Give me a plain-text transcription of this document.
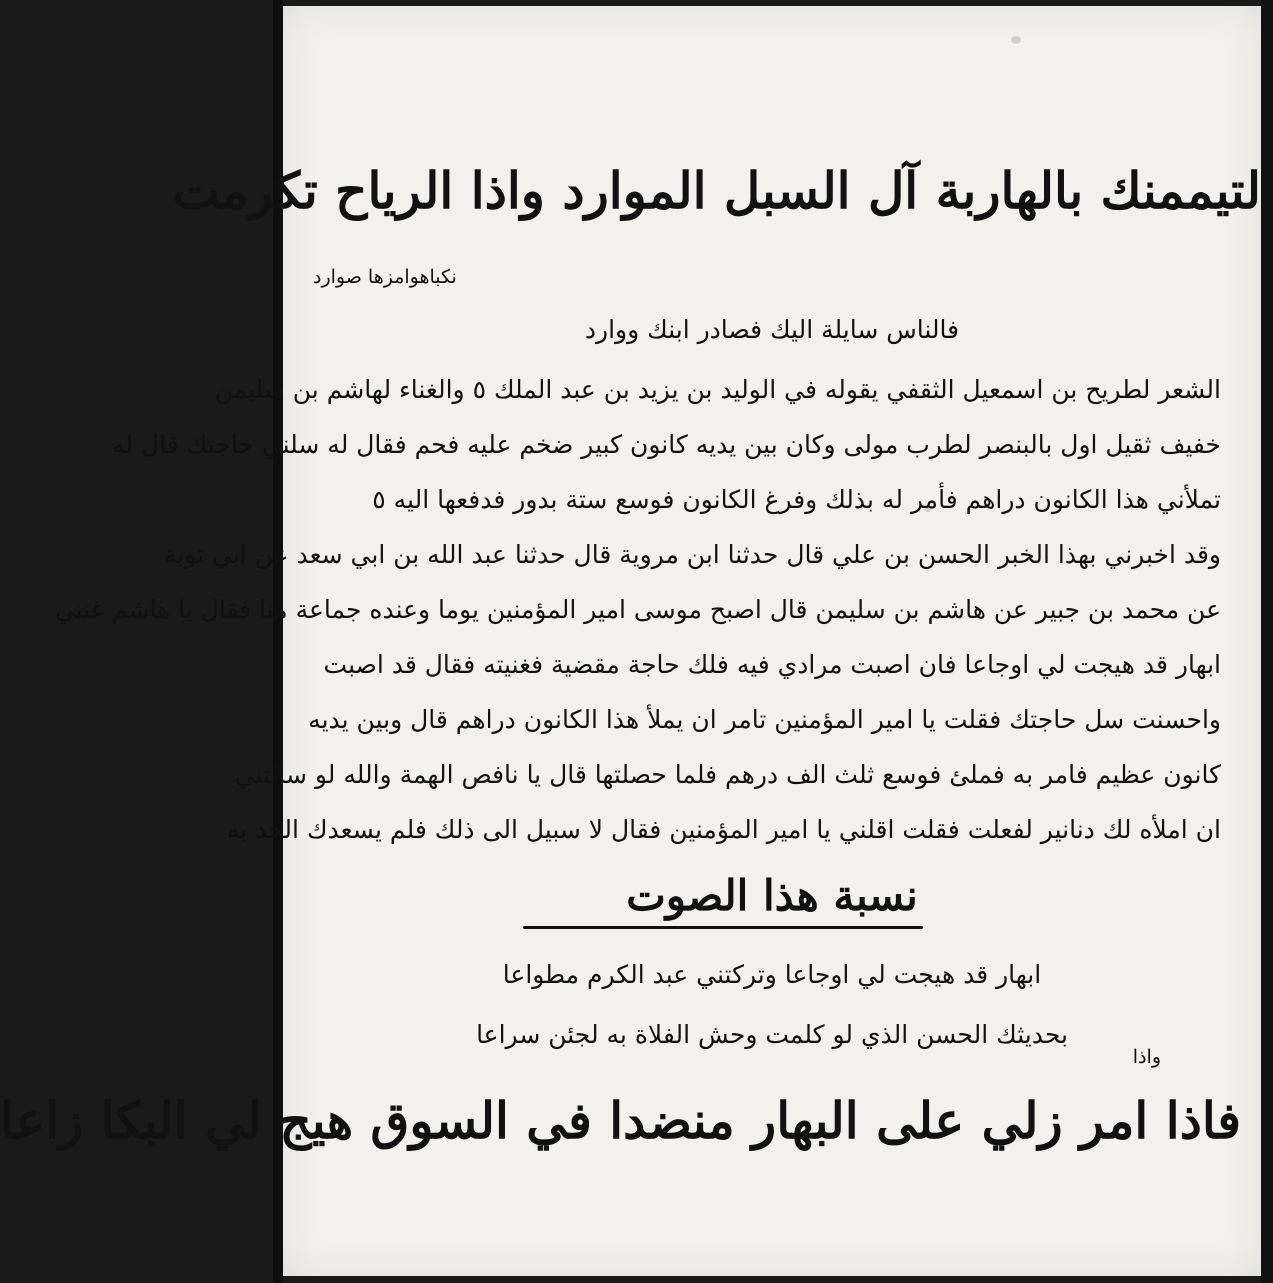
لتيممنك بالهاربة آل السبل الموارد واذا الرياح تكرمت
نكباهوامزها صوارد
فالناس سايلة اليك فصادر ابنك ووارد
الشعر لطريح بن اسمعيل الثقفي يقوله في الوليد بن يزيد بن عبد الملك ٥ والغناء لهاشم بن سليمن
خفيف ثقيل اول بالبنصر لطرب مولى وكان بين يديه كانون كبير ضخم عليه فحم فقال له سلني حاجتك قال له
تملأني هذا الكانون دراهم فأمر له بذلك وفرغ الكانون فوسع ستة بدور فدفعها اليه ٥
وقد اخبرني بهذا الخبر الحسن بن علي قال حدثنا ابن مروية قال حدثنا عبد الله بن ابي سعد عن ابي توبة
عن محمد بن جبير عن هاشم بن سليمن قال اصبح موسى امير المؤمنين يوما وعنده جماعة منا فقال يا هاشم غنني
ابهار قد هيجت لي اوجاعا فان اصبت مرادي فيه فلك حاجة مقضية فغنيته فقال قد اصبت
واحسنت سل حاجتك فقلت يا امير المؤمنين تامر ان يملأ هذا الكانون دراهم قال وبين يديه
كانون عظيم فامر به فملئ فوسع ثلث الف درهم فلما حصلتها قال يا نافص الهمة والله لو سالتني
ان املأه لك دنانير لفعلت فقلت اقلني يا امير المؤمنين فقال لا سبيل الى ذلك فلم يسعدك الجد به
نسبة هذا الصوت
ابهار قد هيجت لي اوجاعا وتركتني عبد الكرم مطواعا
بحديثك الحسن الذي لو كلمت وحش الفلاة به لجئن سراعا
واذا
فاذا امر زلي على البهار منضدا في السوق هيج لي البكا زاعا
